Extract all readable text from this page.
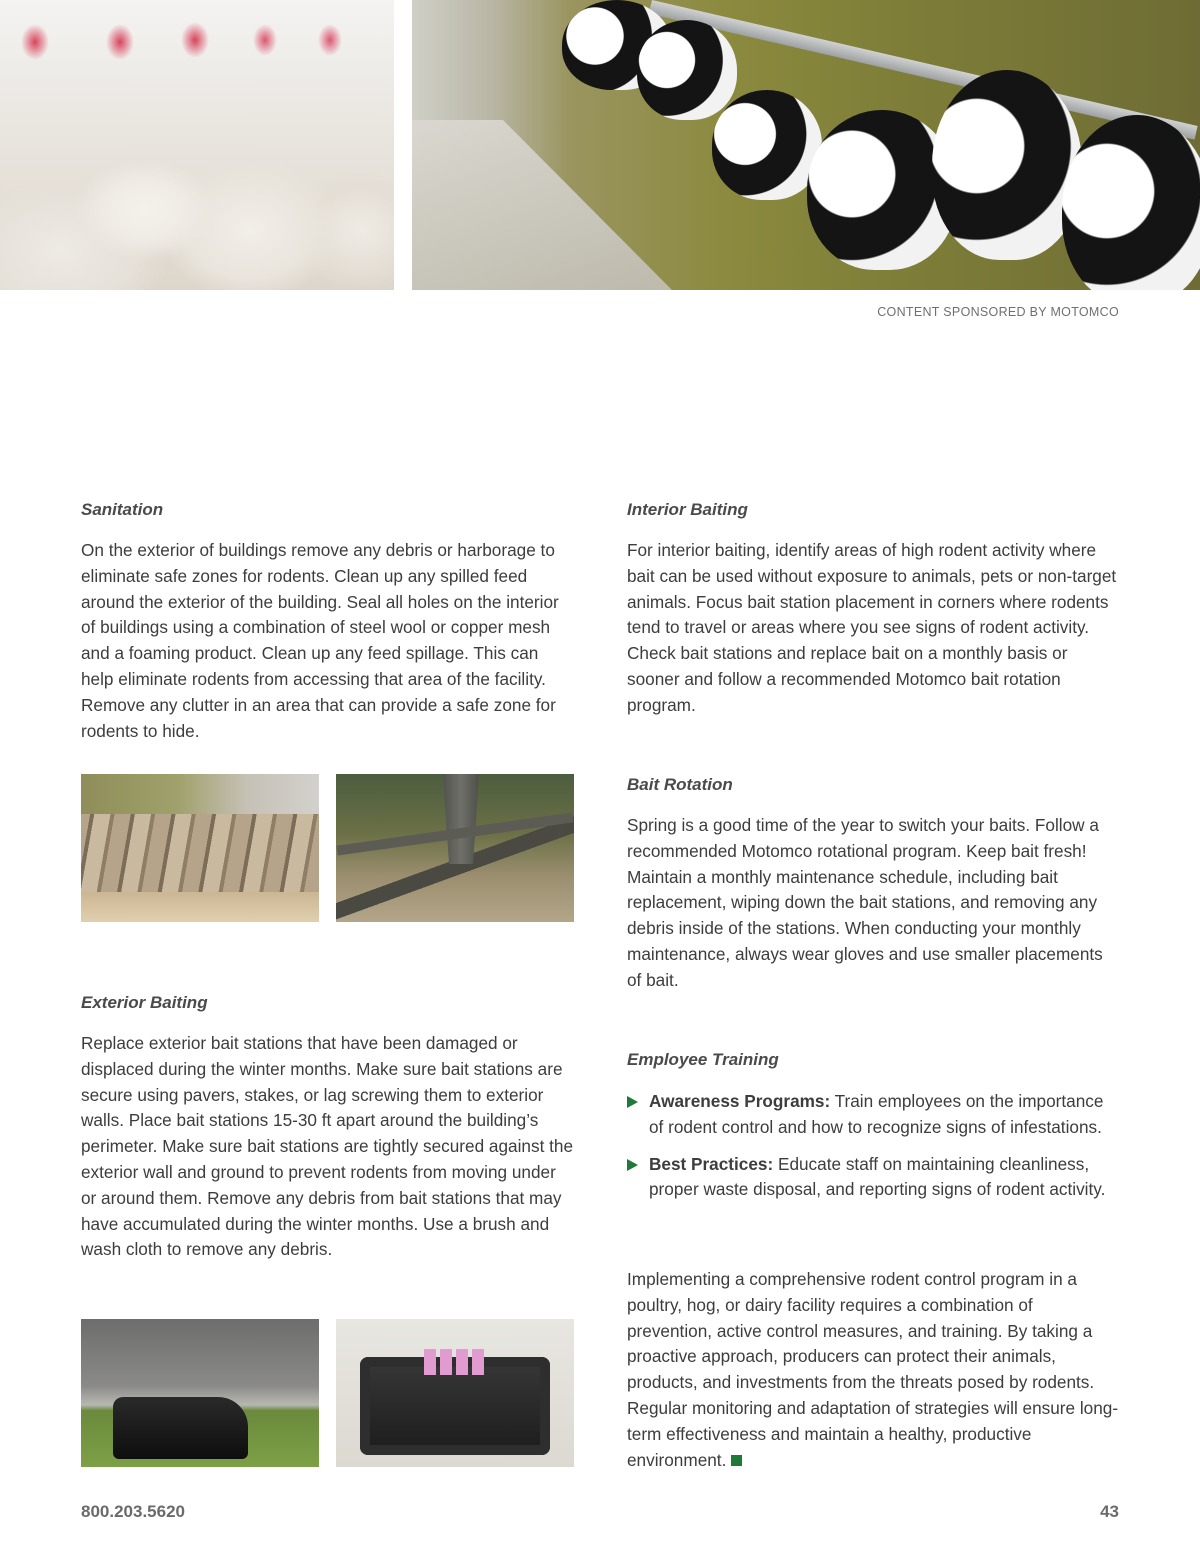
CONTENT SPONSORED BY MOTOMCO
Sanitation

On the exterior of buildings remove any debris or harborage to eliminate safe zones for rodents. Clean up any spilled feed around the exterior of the building. Seal all holes on the interior of buildings using a combination of steel wool or copper mesh and a foaming product. Clean up any feed spillage. This can help eliminate rodents from accessing that area of the facility. Remove any clutter in an area that can provide a safe zone for rodents to hide.

Exterior Baiting

Replace exterior bait stations that have been damaged or displaced during the winter months. Make sure bait stations are secure using pavers, stakes, or lag screwing them to exterior walls. Place bait stations 15-30 ft apart around the building’s perimeter. Make sure bait stations are tightly secured against the exterior wall and ground to prevent rodents from moving under or around them. Remove any debris from bait stations that may have accumulated during the winter months. Use a brush and wash cloth to remove any debris.

Interior Baiting

For interior baiting, identify areas of high rodent activity where bait can be used without exposure to animals, pets or non-target animals. Focus bait station placement in corners where rodents tend to travel or areas where you see signs of rodent activity. Check bait stations and replace bait on a monthly basis or sooner and follow a recommended Motomco bait rotation program.

Bait Rotation

Spring is a good time of the year to switch your baits. Follow a recommended Motomco rotational program. Keep bait fresh! Maintain a monthly maintenance schedule, including bait replacement, wiping down the bait stations, and removing any debris inside of the stations. When conducting your monthly maintenance, always wear gloves and use smaller placements of bait.

Employee Training
Awareness Programs: Train employees on the importance of rodent control and how to recognize signs of infestations.
Best Practices: Educate staff on maintaining cleanliness, proper waste disposal, and reporting signs of rodent activity.

Implementing a comprehensive rodent control program in a poultry, hog, or dairy facility requires a combination of prevention, active control measures, and training. By taking a proactive approach, producers can protect their animals, products, and investments from the threats posed by rodents. Regular monitoring and adaptation of strategies will ensure long-term effectiveness and maintain a healthy, productive environment.

800.203.5620	43
